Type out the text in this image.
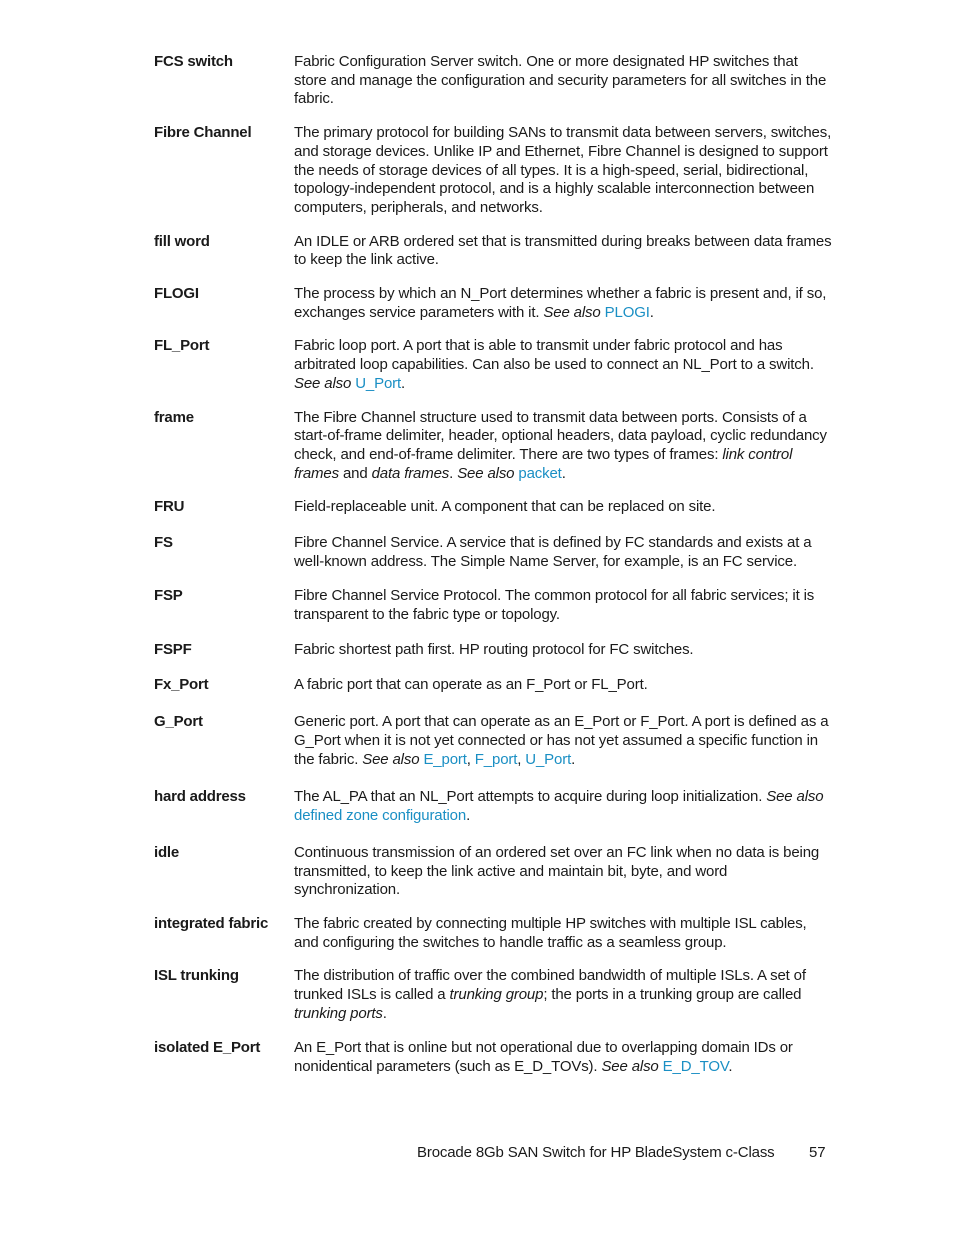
FCS switch	Fabric Configuration Server switch. One or more designated HP switches that store and manage the configuration and security parameters for all switches in the fabric.
Fibre Channel	The primary protocol for building SANs to transmit data between servers, switches, and storage devices. Unlike IP and Ethernet, Fibre Channel is designed to support the needs of storage devices of all types. It is a high-speed, serial, bidirectional, topology-independent protocol, and is a highly scalable interconnection between computers, peripherals, and networks.
fill word	An IDLE or ARB ordered set that is transmitted during breaks between data frames to keep the link active.
FLOGI	The process by which an N_Port determines whether a fabric is present and, if so, exchanges service parameters with it. See also PLOGI.
FL_Port	Fabric loop port. A port that is able to transmit under fabric protocol and has arbitrated loop capabilities. Can also be used to connect an NL_Port to a switch. See also U_Port.
frame	The Fibre Channel structure used to transmit data between ports. Consists of a start-of-frame delimiter, header, optional headers, data payload, cyclic redundancy check, and end-of-frame delimiter. There are two types of frames: link control frames and data frames. See also packet.
FRU	Field-replaceable unit. A component that can be replaced on site.
FS	Fibre Channel Service. A service that is defined by FC standards and exists at a well-known address. The Simple Name Server, for example, is an FC service.
FSP	Fibre Channel Service Protocol. The common protocol for all fabric services; it is transparent to the fabric type or topology.
FSPF	Fabric shortest path first. HP routing protocol for FC switches.
Fx_Port	A fabric port that can operate as an F_Port or FL_Port.
G_Port	Generic port. A port that can operate as an E_Port or F_Port. A port is defined as a G_Port when it is not yet connected or has not yet assumed a specific function in the fabric. See also E_port, F_port, U_Port.
hard address	The AL_PA that an NL_Port attempts to acquire during loop initialization. See also defined zone configuration.
idle	Continuous transmission of an ordered set over an FC link when no data is being transmitted, to keep the link active and maintain bit, byte, and word synchronization.
integrated fabric	The fabric created by connecting multiple HP switches with multiple ISL cables, and configuring the switches to handle traffic as a seamless group.
ISL trunking	The distribution of traffic over the combined bandwidth of multiple ISLs. A set of trunked ISLs is called a trunking group; the ports in a trunking group are called trunking ports.
isolated E_Port	An E_Port that is online but not operational due to overlapping domain IDs or nonidentical parameters (such as E_D_TOVs). See also E_D_TOV.
Brocade 8Gb SAN Switch for HP BladeSystem c-Class 57
